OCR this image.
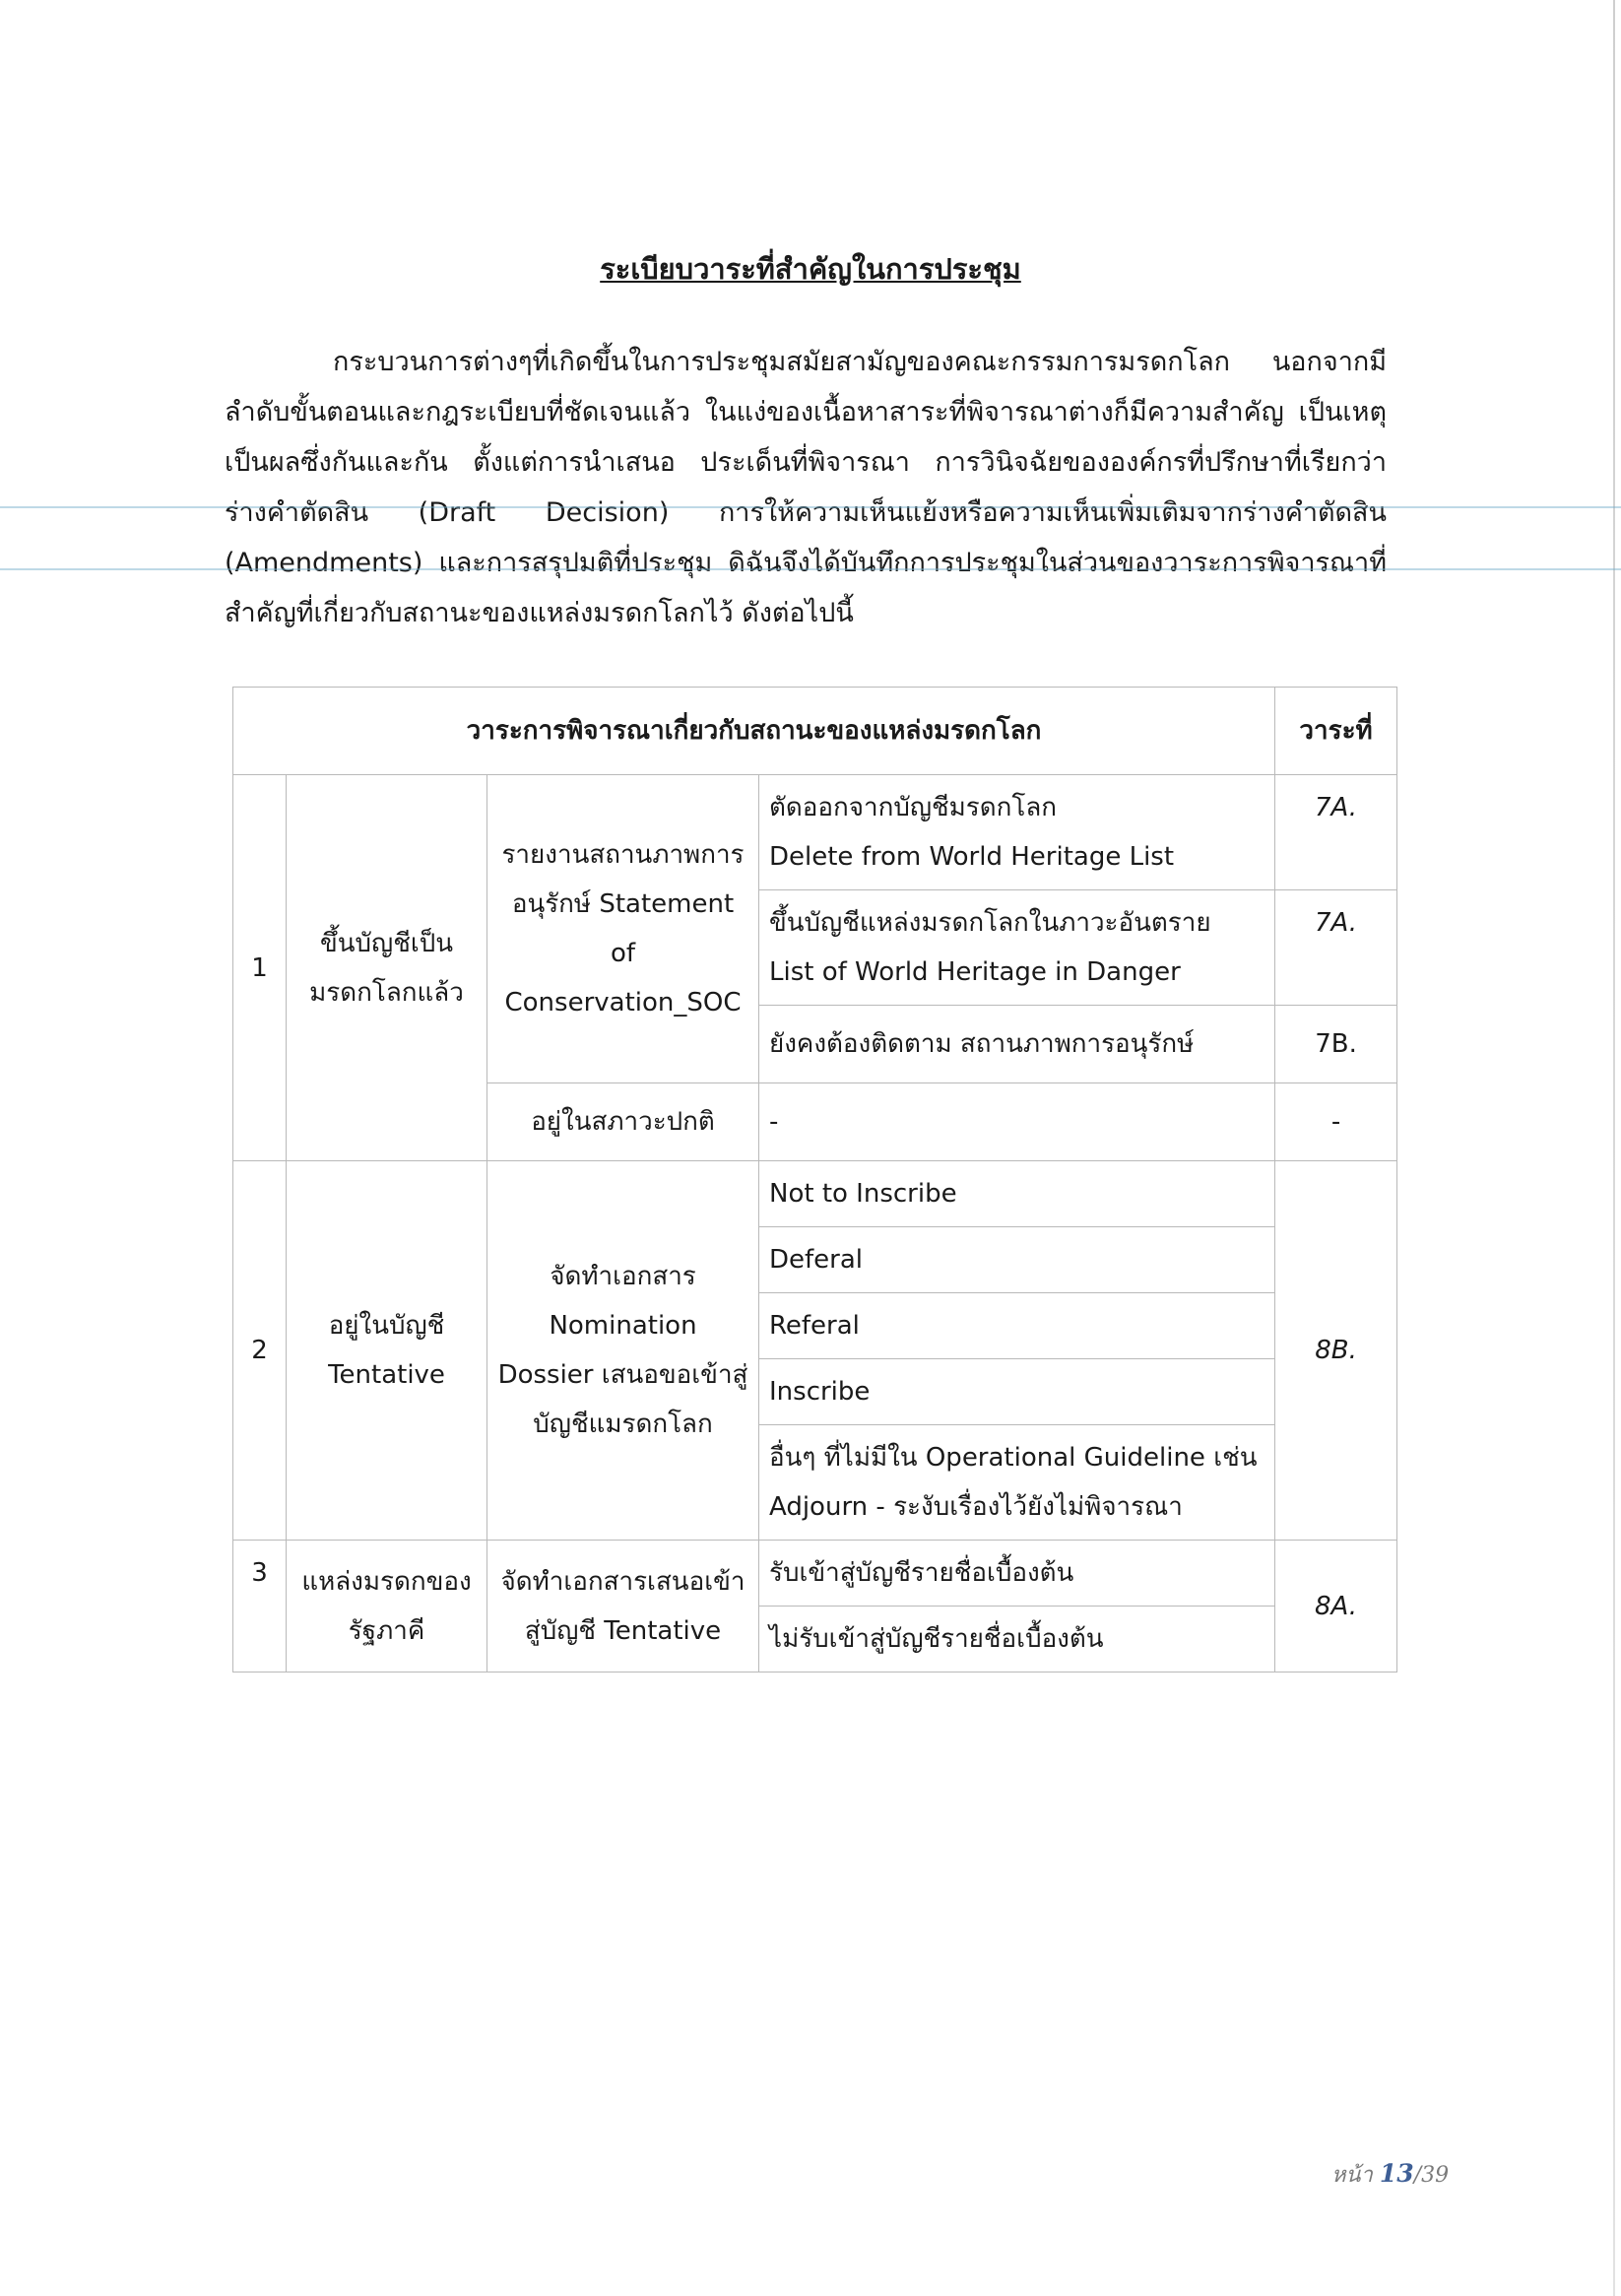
ระเบียบวาระที่สำคัญในการประชุม
กระบวนการต่างๆที่เกิดขึ้นในการประชุมสมัยสามัญของคณะกรรมการมรดกโลก นอกจากมีลำดับขั้นตอนและกฎระเบียบที่ชัดเจนแล้ว ในแง่ของเนื้อหาสาระที่พิจารณาต่างก็มีความสำคัญ เป็นเหตุเป็นผลซึ่งกันและกัน ตั้งแต่การนำเสนอ ประเด็นที่พิจารณา การวินิจฉัยขององค์กรที่ปรึกษาที่เรียกว่า ร่างคำตัดสิน (Draft Decision) การให้ความเห็นแย้งหรือความเห็นเพิ่มเติมจากร่างคำตัดสิน (Amendments) และการสรุปมติที่ประชุม ดิฉันจึงได้บันทึกการประชุมในส่วนของวาระการพิจารณาที่สำคัญที่เกี่ยวกับสถานะของแหล่งมรดกโลกไว้ ดังต่อไปนี้
วาระการพิจารณาเกี่ยวกับสถานะของแหล่งมรดกโลก				วาระที่
1	ขึ้นบัญชีเป็นมรดกโลกแล้ว	รายงานสถานภาพการอนุรักษ์ Statement of Conservation_SOC	ตัดออกจากบัญชีมรดกโลก
Delete from World Heritage List	7A.

			ขึ้นบัญชีแหล่งมรดกโลกในภาวะอันตราย
List of World Heritage in Danger	7A.

			ยังคงต้องติดตาม สถานภาพการอนุรักษ์	7B.
		อยู่ในสภาวะปกติ	-	-
2	อยู่ในบัญชี Tentative	จัดทำเอกสาร Nomination Dossier เสนอขอเข้าสู่บัญชีแมรดกโลก	Not to Inscribe	8B.
			Deferal	
			Referal	
			Inscribe	
			อื่นๆ ที่ไม่มีใน Operational Guideline เช่น Adjourn - ระงับเรื่องไว้ยังไม่พิจารณา	
3	แหล่งมรดกของรัฐภาคี	จัดทำเอกสารเสนอเข้าสู่บัญชี Tentative	รับเข้าสู่บัญชีรายชื่อเบื้องต้น	8A.
			ไม่รับเข้าสู่บัญชีรายชื่อเบื้องต้น	
หน้า 13/39
